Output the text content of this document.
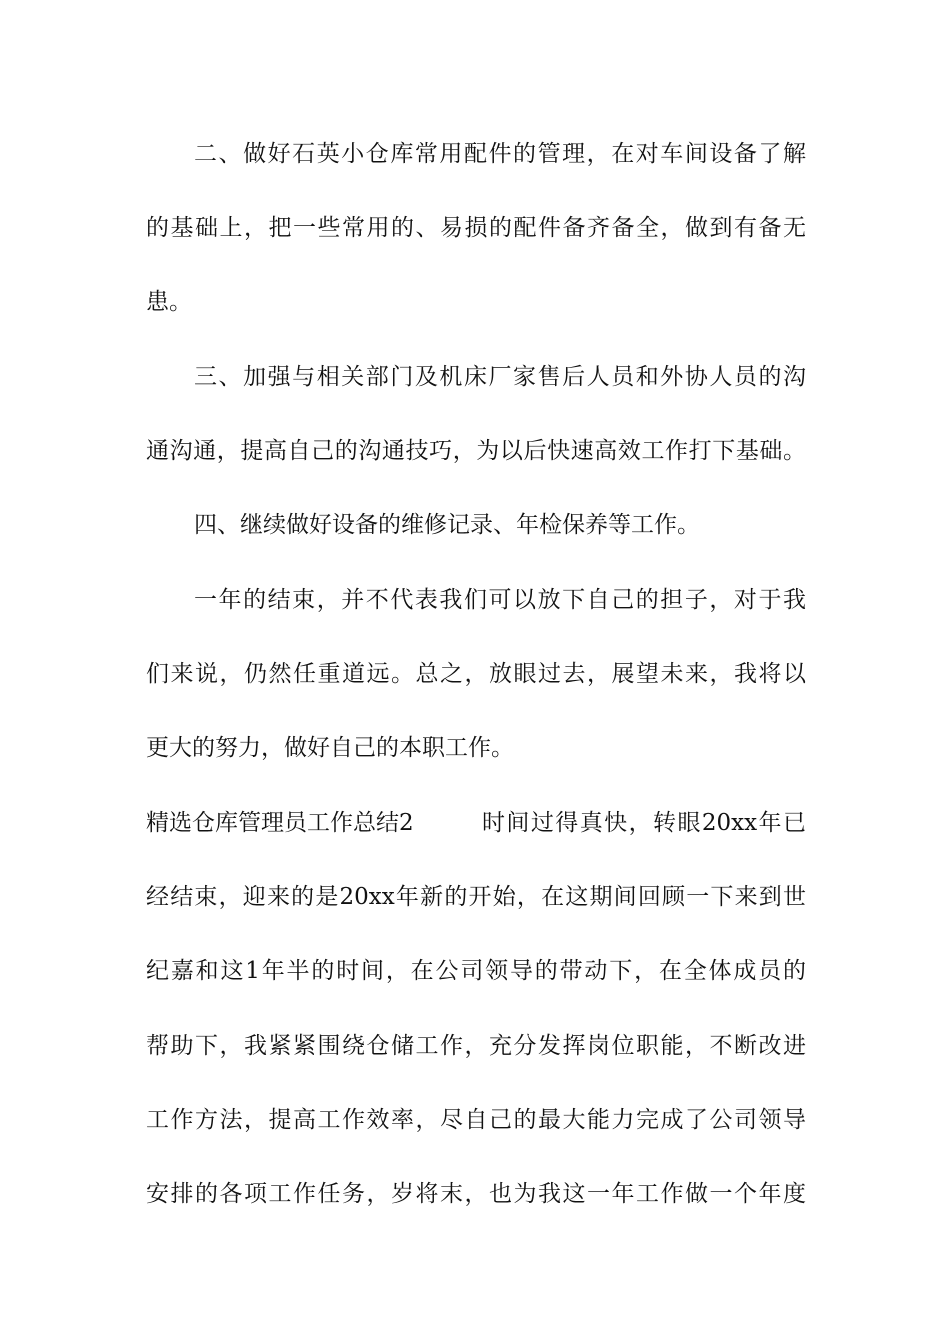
二、做好石英小仓库常用配件的管理，在对车间设备了解
的基础上，把一些常用的、易损的配件备齐备全，做到有备无
患。
三、加强与相关部门及机床厂家售后人员和外协人员的沟
通沟通，提高自己的沟通技巧，为以后快速高效工作打下基础。
四、继续做好设备的维修记录、年检保养等工作。
一年的结束，并不代表我们可以放下自己的担子，对于我
们来说，仍然任重道远。总之，放眼过去，展望未来，我将以
更大的努力，做好自己的本职工作。
精选仓库管理员工作总结2	时间过得真快，转眼20xx年已
经结束，迎来的是20xx年新的开始，在这期间回顾一下来到世
纪嘉和这1年半的时间，在公司领导的带动下，在全体成员的
帮助下，我紧紧围绕仓储工作，充分发挥岗位职能，不断改进
工作方法，提高工作效率，尽自己的最大能力完成了公司领导
安排的各项工作任务，岁将末，也为我这一年工作做一个年度
